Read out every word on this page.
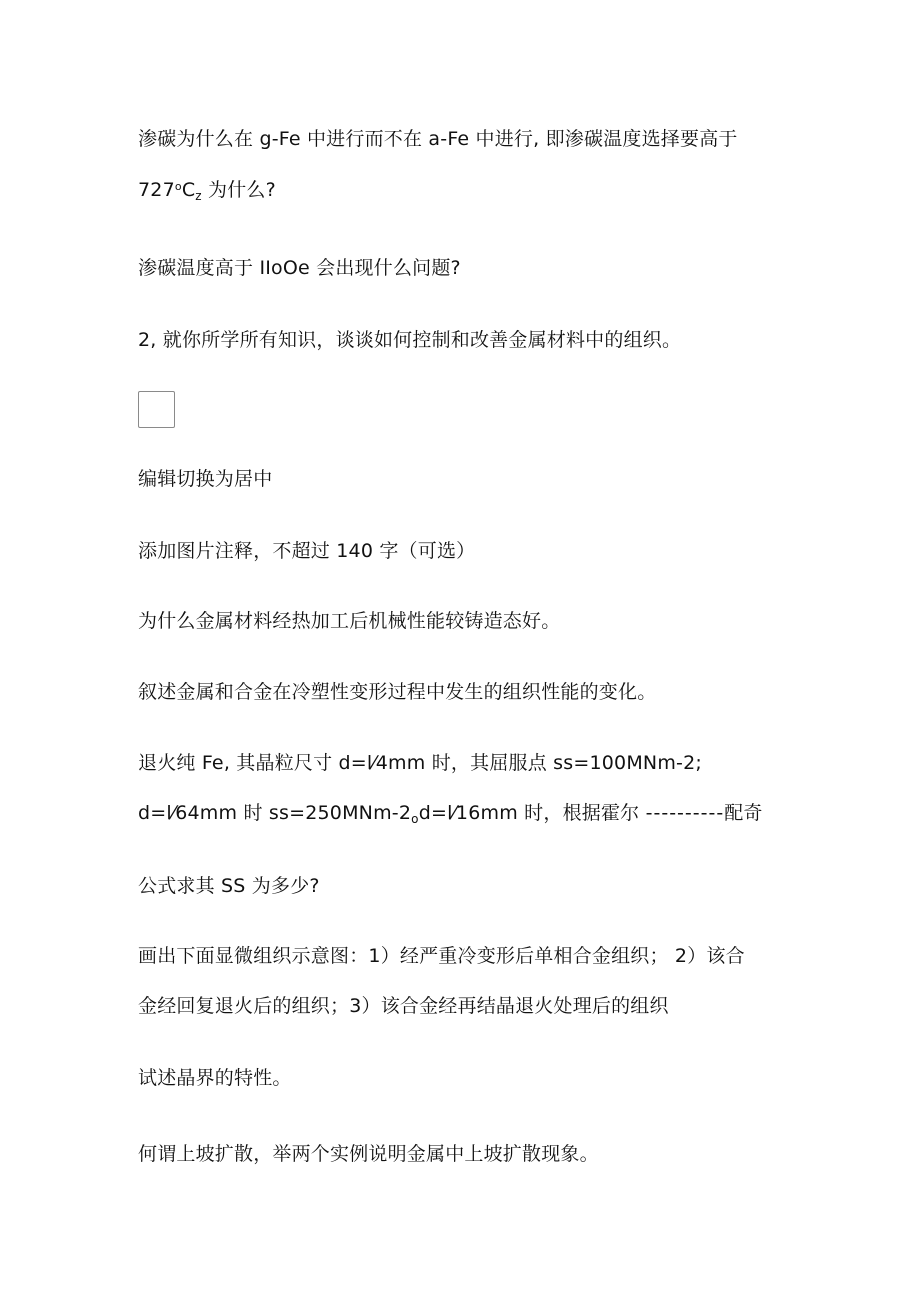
渗碳为什么在 g-Fe 中进行而不在 a-Fe 中进行, 即渗碳温度选择要高于
$727^oC_z$ 为什么?
渗碳温度高于 IIoOe 会出现什么问题?
2, 就你所学所有知识，谈谈如何控制和改善金属材料中的组织。
编辑切换为居中
添加图片注释，不超过 140 字（可选）
为什么金属材料经热加工后机械性能较铸造态好。
叙述金属和合金在冷塑性变形过程中发生的组织性能的变化。
退火纯 Fe, 其晶粒尺寸 d=l⁄4mm 时，其屈服点 ss=100MNm-2;
d=l⁄64mm 时 $ss=250MNm-2_od=l⁄16mm$ 时，根据霍尔 ----------配奇
公式求其 SS 为多少?
画出下面显微组织示意图：1）经严重冷变形后单相合金组织； 2）该合
金经回复退火后的组织；3）该合金经再结晶退火处理后的组织
试述晶界的特性。
何谓上坡扩散，举两个实例说明金属中上坡扩散现象。
